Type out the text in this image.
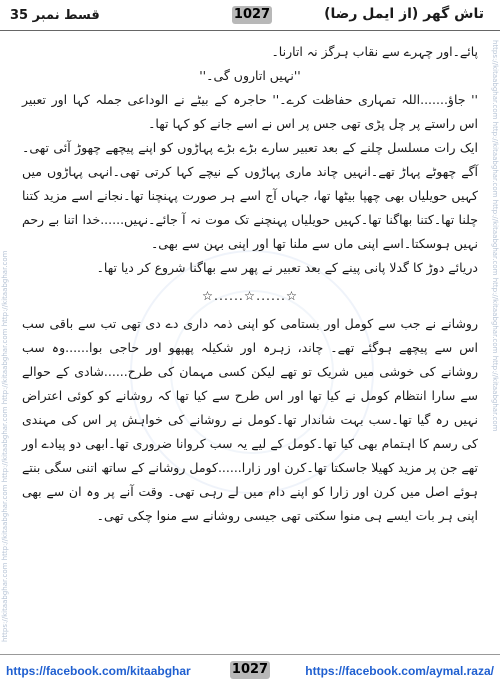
قسط نمبر 35	1027	تاش گھر (از ایمل رضا)
https://kitaabghar.com http://kitaabghar.com http://kitaabghar.com http://kitaabghar.com http://kitaabghar.com
https://kitaabghar.com http://kitaabghar.com http://kitaabghar.com http://kitaabghar.com http://kitaabghar.com

پائے۔اور چہرے سے نقاب ہرگز نہ اتارنا۔

''نہیں اتاروں گی۔''

'' جاؤ.......اللہ تمہاری حفاظت کرے۔'' حاجرہ کے بیٹے نے الوداعی جملہ کہا اور تعبیر اس راستے پر چل پڑی تھی جس پر اس نے اسے جانے کو کہا تھا۔

ایک رات مسلسل چلنے کے بعد تعبیر سارے بڑے بڑے پہاڑوں کو اپنے پیچھے چھوڑ آئی تھی۔ آگے چھوٹے پہاڑ تھے۔انہیں چاند ماری پہاڑوں کے نیچے کہا کرتی تھی۔انہی پہاڑوں میں کہیں حویلیاں بھی چھپا بیٹھا تھا، جہاں آج اسے ہر صورت پہنچنا تھا۔نجانے اسے مزید کتنا چلنا تھا۔کتنا بھاگنا تھا۔کہیں حویلیاں پہنچنے تک موت نہ آ جائے۔نہیں......خدا اتنا بے رحم نہیں ہوسکتا۔اسے اپنی ماں سے ملنا تھا اور اپنی بہن سے بھی۔

دریائے دوڑ کا گدلا پانی پینے کے بعد تعبیر نے پھر سے بھاگنا شروع کر دیا تھا۔

☆......☆......☆

روشانے نے جب سے کومل اور بستامی کو اپنی ذمہ داری دے دی تھی تب سے باقی سب اس سے پیچھے ہوگئے تھے۔ چاند، زہرہ اور شکیلہ پھپھو اور حاجی بوا......وہ سب روشانے کی خوشی میں شریک تو تھے لیکن کسی مہمان کی طرح......شادی کے حوالے سے سارا انتظام کومل نے کیا تھا اور اس طرح سے کیا تھا کہ روشانے کو کوئی اعتراض نہیں رہ گیا تھا۔سب بہت شاندار تھا۔کومل نے روشانے کی خواہش پر اس کی مہندی کی رسم کا اہتمام بھی کیا تھا۔کومل کے لیے یہ سب کروانا ضروری تھا۔ابھی دو پیادے اور تھے جن پر مزید کھیلا جاسکتا تھا۔کرن اور زارا......کومل روشانے کے ساتھ اتنی سگی بنتے ہوئے اصل میں کرن اور زارا کو اپنے دام میں لے رہی تھی۔ وقت آنے پر وہ ان سے بھی اپنی ہر بات ایسے ہی منوا سکتی تھی جیسی روشانے سے منوا چکی تھی۔

https://facebook.com/kitaabghar	1027	https://facebook.com/aymal.raza/
